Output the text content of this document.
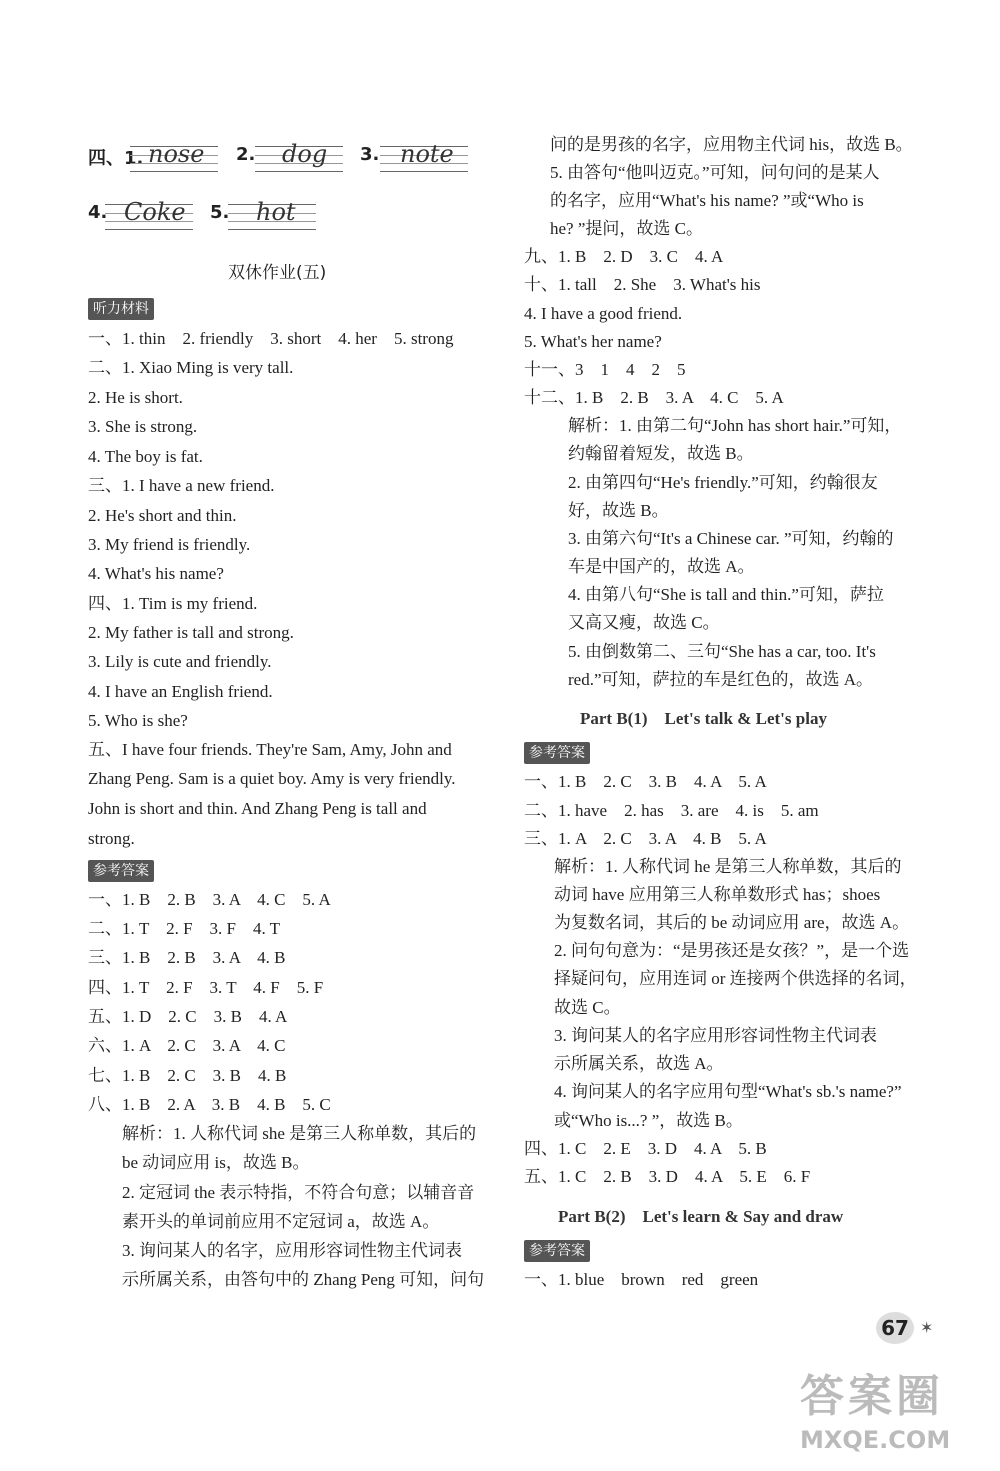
四、1. nose 2. dog 3. note
4. Coke 5. hot
双休作业(五)
听力材料
一、1. thin　2. friendly　3. short　4. her　5. strong
二、1. Xiao Ming is very tall.
2. He is short.
3. She is strong.
4. The boy is fat.
三、1. I have a new friend.
2. He's short and thin.
3. My friend is friendly.
4. What's his name?
四、1. Tim is my friend.
2. My father is tall and strong.
3. Lily is cute and friendly.
4. I have an English friend.
5. Who is she?
五、I have four friends. They're Sam, Amy, John and
Zhang Peng. Sam is a quiet boy. Amy is very friendly.
John is short and thin. And Zhang Peng is tall and
strong.
参考答案
一、1. B　2. B　3. A　4. C　5. A
二、1. T　2. F　3. F　4. T
三、1. B　2. B　3. A　4. B
四、1. T　2. F　3. T　4. F　5. F
五、1. D　2. C　3. B　4. A
六、1. A　2. C　3. A　4. C
七、1. B　2. C　3. B　4. B
八、1. B　2. A　3. B　4. B　5. C
解析：1. 人称代词 she 是第三人称单数，其后的
be 动词应用 is，故选 B。
2. 定冠词 the 表示特指，不符合句意；以辅音音
素开头的单词前应用不定冠词 a，故选 A。
3. 询问某人的名字，应用形容词性物主代词表
示所属关系，由答句中的 Zhang Peng 可知，问句
问的是男孩的名字，应用物主代词 his，故选 B。
5. 由答句“他叫迈克。”可知，问句问的是某人
的名字，应用“What's his name? ”或“Who is
he? ”提问，故选 C。
九、1. B　2. D　3. C　4. A
十、1. tall　2. She　3. What's his
4. I have a good friend.
5. What's her name?
十一、3　1　4　2　5
十二、1. B　2. B　3. A　4. C　5. A
解析：1. 由第二句“John has short hair.”可知，
约翰留着短发，故选 B。
2. 由第四句“He's friendly.”可知，约翰很友
好，故选 B。
3. 由第六句“It's a Chinese car. ”可知，约翰的
车是中国产的，故选 A。
4. 由第八句“She is tall and thin.”可知，萨拉
又高又瘦，故选 C。
5. 由倒数第二、三句“She has a car, too. It's
red.”可知，萨拉的车是红色的，故选 A。
Part B(1)　Let's talk & Let's play
参考答案
一、1. B　2. C　3. B　4. A　5. A
二、1. have　2. has　3. are　4. is　5. am
三、1. A　2. C　3. A　4. B　5. A
解析：1. 人称代词 he 是第三人称单数，其后的
动词 have 应用第三人称单数形式 has；shoes
为复数名词，其后的 be 动词应用 are，故选 A。
2. 问句句意为：“是男孩还是女孩？”，是一个选
择疑问句，应用连词 or 连接两个供选择的名词，
故选 C。
3. 询问某人的名字应用形容词性物主代词表
示所属关系，故选 A。
4. 询问某人的名字应用句型“What's sb.'s name?”
或“Who is...? ”，故选 B。
四、1. C　2. E　3. D　4. A　5. B
五、1. C　2. B　3. D　4. A　5. E　6. F
Part B(2)　Let's learn & Say and draw
参考答案
一、1. blue　brown　red　green
67 ✶
答案圈
MXQE.COM
